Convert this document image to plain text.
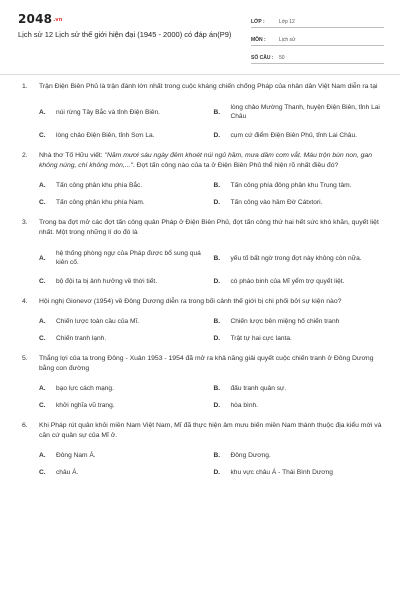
2048.vn
Lịch sử 12 Lịch sử thế giới hiện đại (1945 - 2000) có đáp án(P9)
LỚP :	Lớp 12
MÔN :	Lịch sử
SỐ CÂU :	50
1.	Trận Điện Biên Phủ là trận đánh lớn nhất trong cuộc kháng chiến chống Pháp của nhân dân Việt Nam diễn ra tại
A.	núi rừng Tây Bắc và tỉnh Điện Biên.	B.
lòng chảo Mường Thanh, huyện Điện Biên, tỉnh Lai Châu
C.	lòng chảo Điện Biên, tỉnh Sơn La.	D.	cụm cứ điểm Điện Biên Phủ, tỉnh Lai Châu.
2.	Nhà thơ Tố Hữu viết: "Năm mươi sáu ngày đêm khoét núi ngủ hầm, mưa dầm cơm vắt. Máu trộn bùn non, gan không núng, chí không mòn,...". Đợt tấn công nào của ta ở Điện Biên Phủ thể hiện rõ nhất điều đó?
A.	Tấn công phân khu phía Bắc.	B.	Tấn công phía đông phân khu Trung tâm.
C.	Tấn công phân khu phía Nam.	D.	Tấn công vào hầm Đờ Cátxtori.
3.	Trong ba đợt mở các đợt tấn công quân Pháp ở Điện Biên Phủ, đợt tấn công thứ hai hết sức khó khăn, quyết liệt nhất. Một trong những lí do đó là
A.
hệ thống phòng ngự của Pháp được bổ sung quá kiên cố.
B.	yếu tố bất ngờ trong đợt này không còn nữa.
C.	bộ đội ta bị ảnh hưởng về thời tiết.	D.	có pháo binh của Mĩ yểm trợ quyết liệt.
4.	Hội nghị Gionevơ (1954) về Đông Dương diễn ra trong bối cảnh thế giới bị chi phối bởi sự kiện nào?
A.	Chiến lược toàn cầu của Mĩ.	B.	Chiến lược bên miệng hố chiến tranh
C.	Chiến tranh lạnh.	D.	Trật tự hai cực Ianta.
5.	Thắng lợi của ta trong Đông - Xuân 1953 - 1954 đã mở ra khả năng giải quyết cuộc chiến tranh ở Đông Dương bằng con đường
A.	bạo lực cách mạng.	B.	đấu tranh quân sự.
C.	khởi nghĩa vũ trang.	D.	hòa bình.
6.	Khi Pháp rút quân khỏi miền Nam Việt Nam, Mĩ đã thực hiện âm mưu biến miền Nam thành thuộc địa kiểu mới và căn cứ quân sự của Mĩ ở.
A.	Đông Nam Á.	B.	Đông Dương.
C.	châu Á.	D.	khu vực châu Á - Thái Bình Dương
